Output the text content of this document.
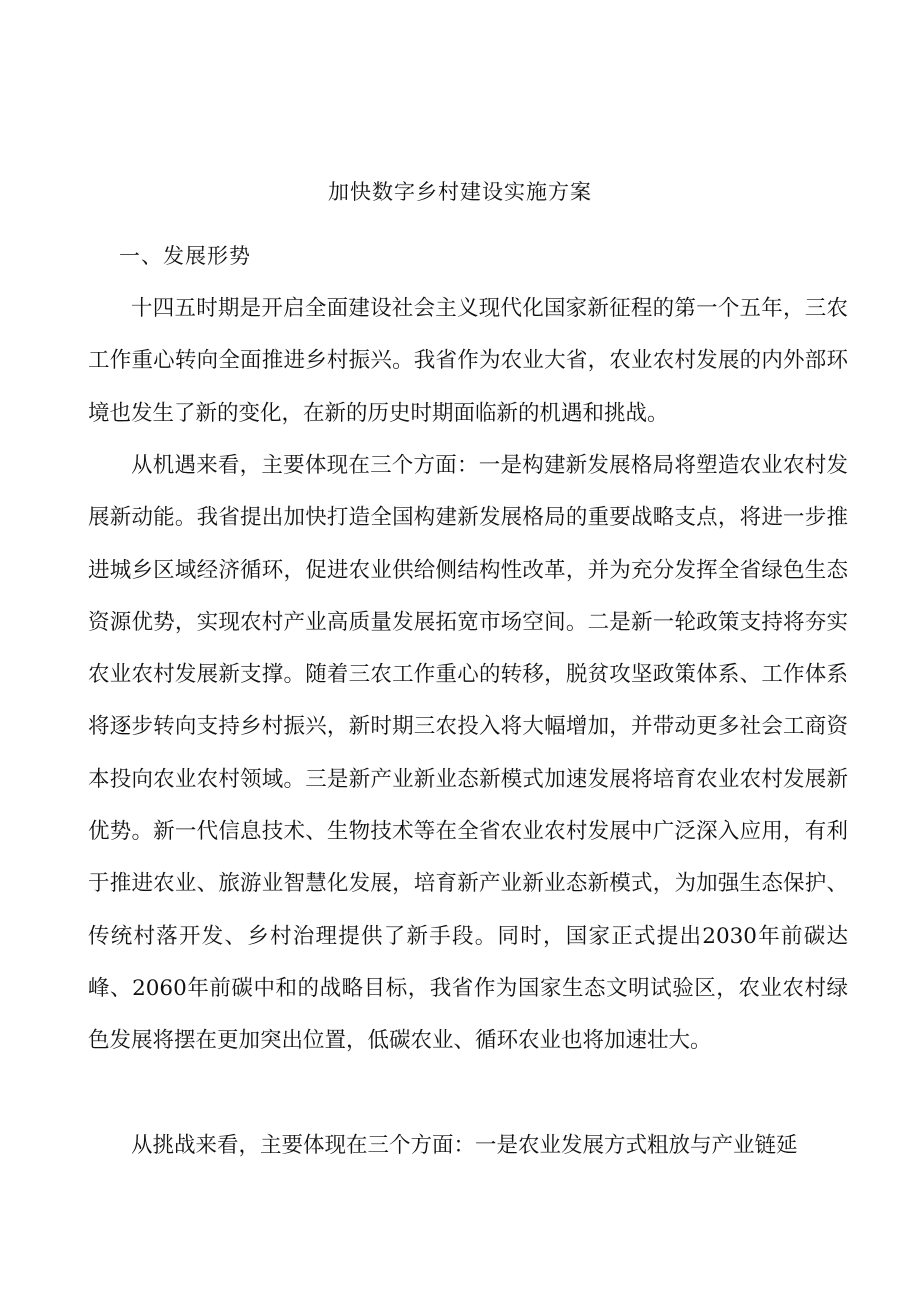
加快数字乡村建设实施方案
一、发展形势

十四五时期是开启全面建设社会主义现代化国家新征程的第一个五年，三农工作重心转向全面推进乡村振兴。我省作为农业大省，农业农村发展的内外部环境也发生了新的变化，在新的历史时期面临新的机遇和挑战。

从机遇来看，主要体现在三个方面：一是构建新发展格局将塑造农业农村发展新动能。我省提出加快打造全国构建新发展格局的重要战略支点，将进一步推进城乡区域经济循环，促进农业供给侧结构性改革，并为充分发挥全省绿色生态资源优势，实现农村产业高质量发展拓宽市场空间。二是新一轮政策支持将夯实农业农村发展新支撑。随着三农工作重心的转移，脱贫攻坚政策体系、工作体系将逐步转向支持乡村振兴，新时期三农投入将大幅增加，并带动更多社会工商资本投向农业农村领域。三是新产业新业态新模式加速发展将培育农业农村发展新优势。新一代信息技术、生物技术等在全省农业农村发展中广泛深入应用，有利于推进农业、旅游业智慧化发展，培育新产业新业态新模式，为加强生态保护、传统村落开发、乡村治理提供了新手段。同时，国家正式提出2030年前碳达峰、2060年前碳中和的战略目标，我省作为国家生态文明试验区，农业农村绿色发展将摆在更加突出位置，低碳农业、循环农业也将加速壮大。

从挑战来看，主要体现在三个方面：一是农业发展方式粗放与产业链延
